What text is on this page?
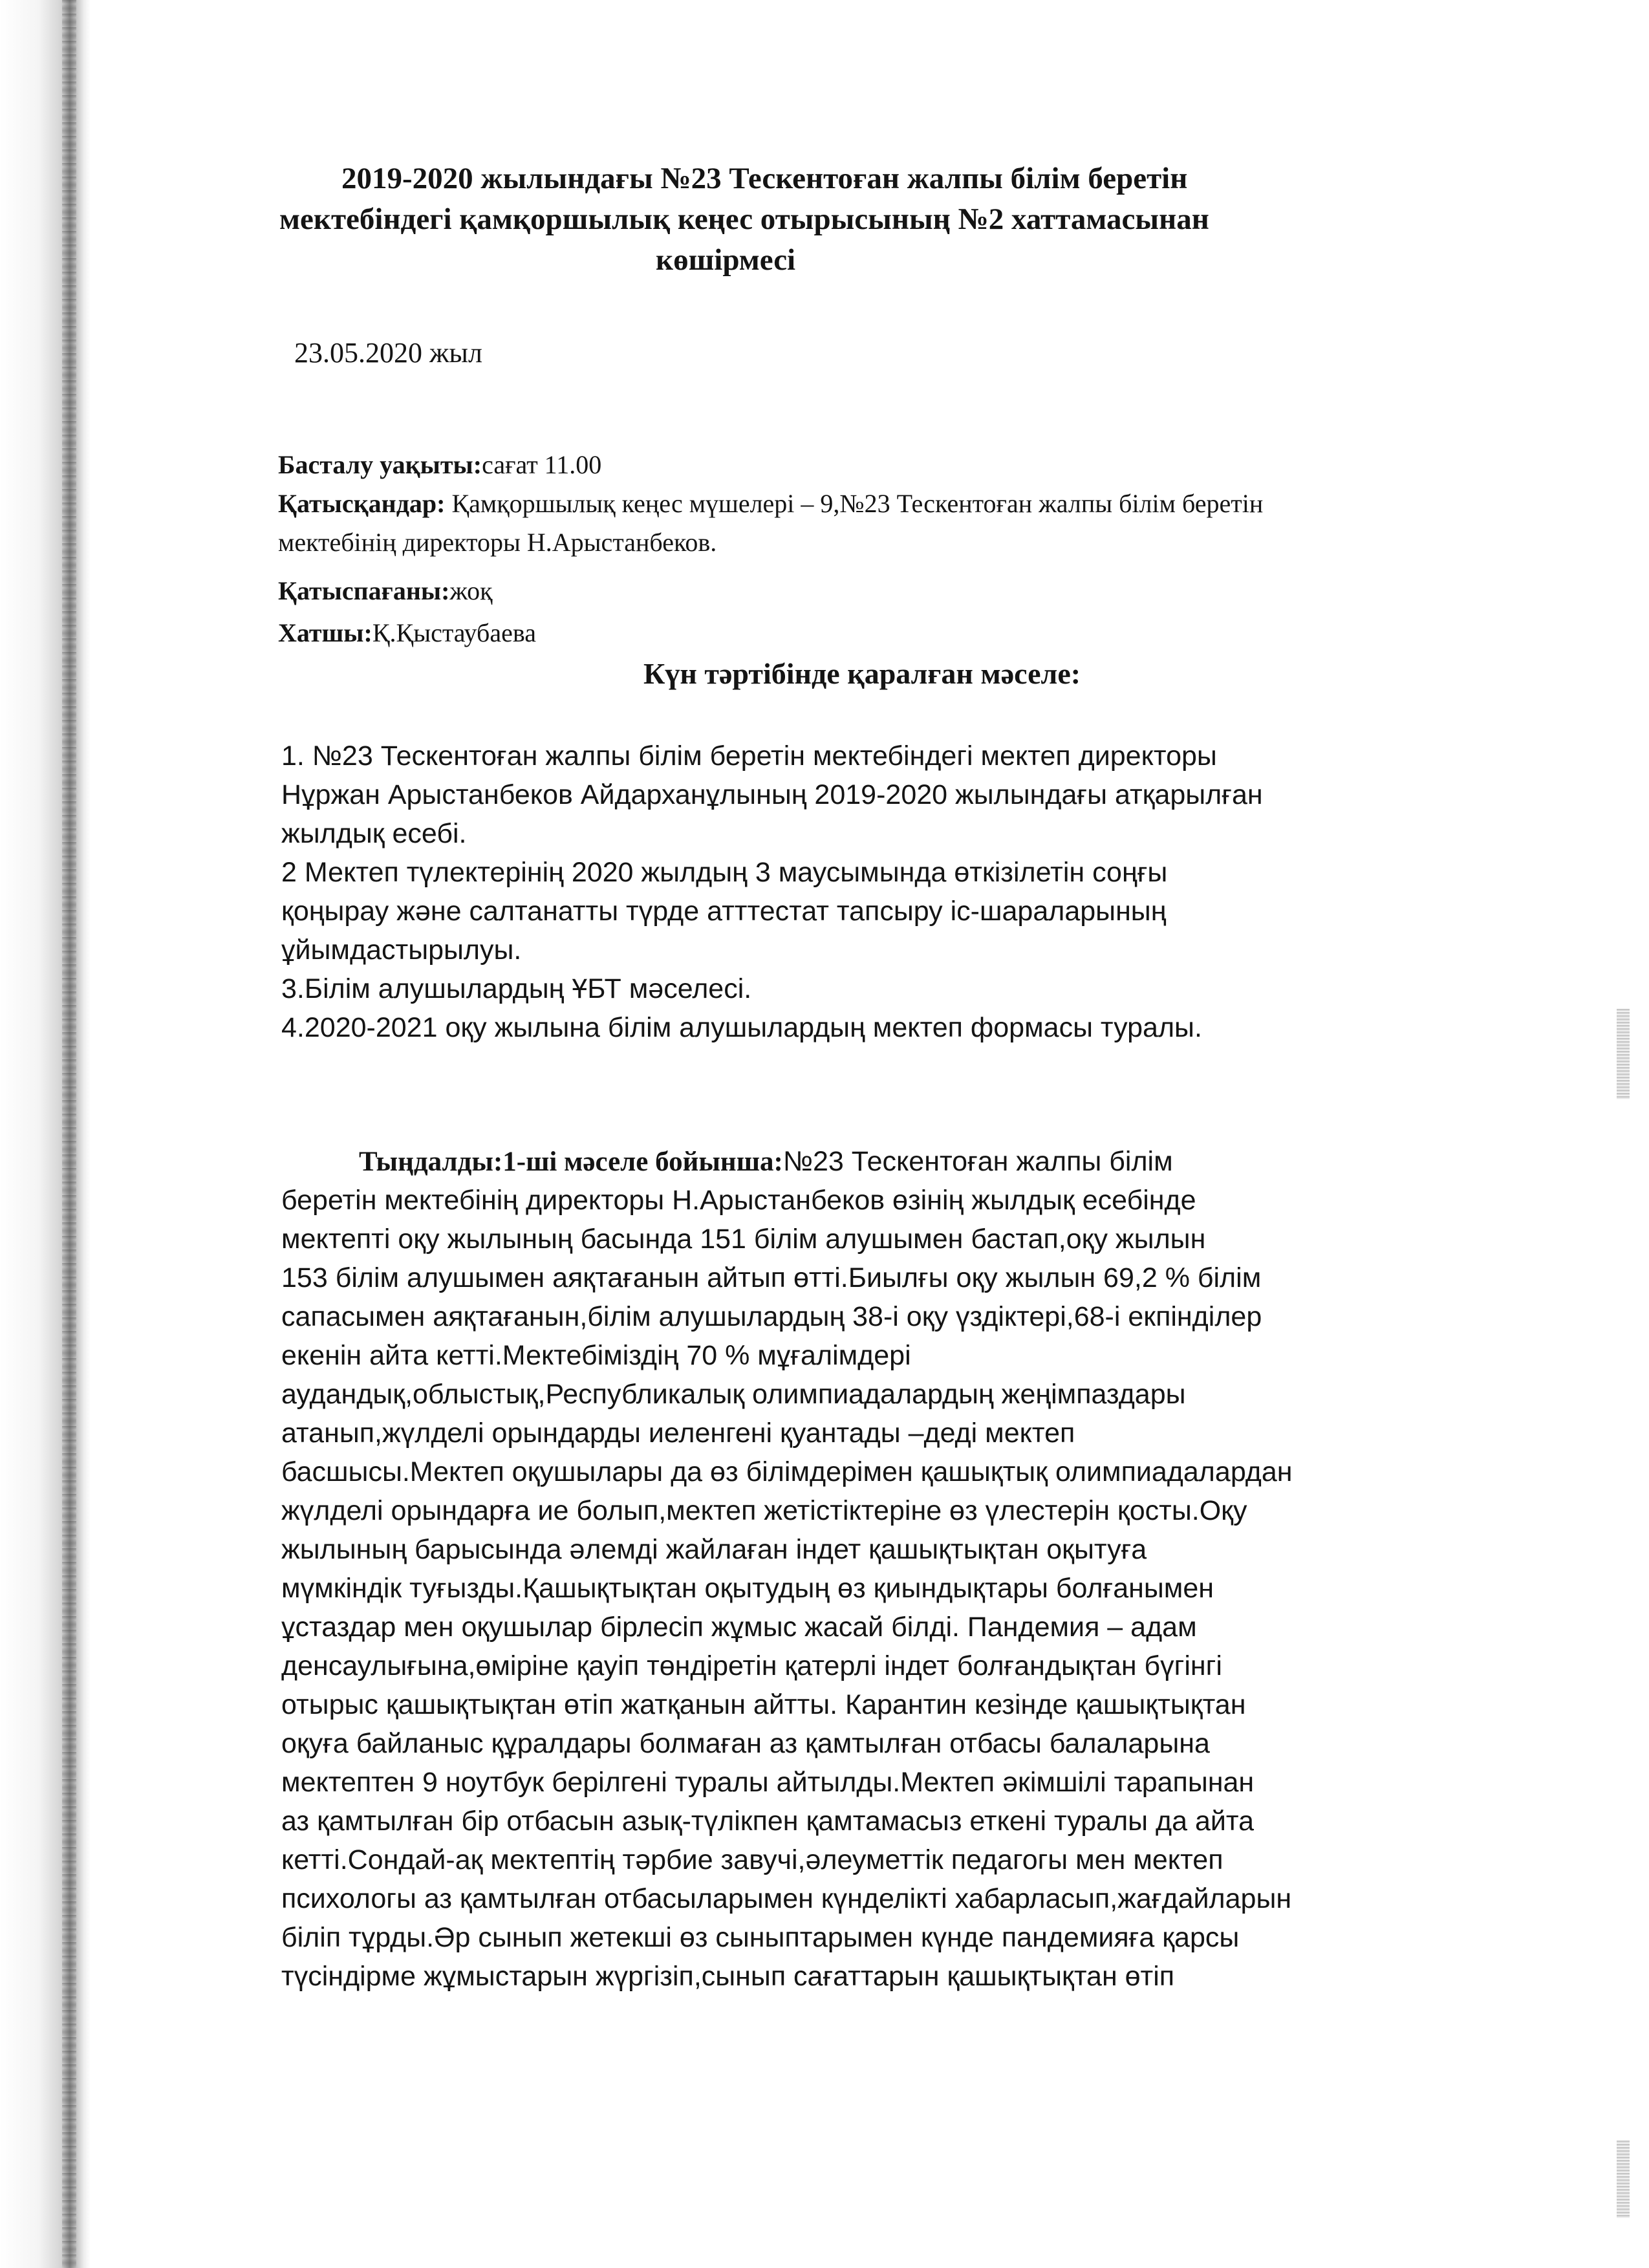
2019-2020 жылындағы №23 Тескентоған жалпы білім беретін
мектебіндегі қамқоршылық кеңес отырысының №2 хаттамасынан
көшірмесі
23.05.2020 жыл
Басталу уақыты:сағат 11.00
Қатысқандар: Қамқоршылық кеңес мүшелері – 9,№23 Тескентоған жалпы білім беретін
мектебінің директоры Н.Арыстанбеков.
Қатыспағаны:жоқ
Хатшы:Қ.Қыстаубаева
Күн тәртібінде қаралған мәселе:
1. №23 Тескентоған жалпы білім беретін мектебіндегі мектеп директоры
Нұржан Арыстанбеков Айдарханұлының 2019-2020 жылындағы атқарылған
жылдық есебі.
2 Мектеп түлектерінің 2020 жылдың 3 маусымында өткізілетін соңғы
қоңырау және салтанатты түрде атттестат тапсыру іс-шараларының
ұйымдастырылуы.
3.Білім алушылардың ҰБТ мәселесі.
4.2020-2021 оқу жылына білім алушылардың мектеп формасы туралы.
Тыңдалды:1-ші мәселе бойынша:№23 Тескентоған жалпы білім
беретін мектебінің директоры Н.Арыстанбеков өзінің жылдық есебінде
мектепті оқу жылының басында 151 білім алушымен бастап,оқу жылын
153 білім алушымен аяқтағанын айтып өтті.Биылғы оқу жылын 69,2 % білім
сапасымен аяқтағанын,білім алушылардың 38-і оқу үздіктері,68-і екпінділер
екенін айта кетті.Мектебіміздің 70 % мұғалімдері
аудандық,облыстық,Республикалық олимпиадалардың жеңімпаздары
атанып,жүлделі орындарды иеленгені қуантады –деді мектеп
басшысы.Мектеп оқушылары да өз білімдерімен қашықтық олимпиадалардан
жүлделі орындарға ие болып,мектеп жетістіктеріне өз үлестерін қосты.Оқу
жылының барысында әлемді жайлаған індет қашықтықтан оқытуға
мүмкіндік туғызды.Қашықтықтан оқытудың өз қиындықтары болғанымен
ұстаздар мен оқушылар бірлесіп жұмыс жасай білді. Пандемия – адам
денсаулығына,өміріне қауіп төндіретін қатерлі індет болғандықтан бүгінгі
отырыс қашықтықтан өтіп жатқанын айтты. Карантин кезінде қашықтықтан
оқуға байланыс құралдары болмаған аз қамтылған отбасы балаларына
мектептен 9 ноутбук берілгені туралы айтылды.Мектеп әкімшілі тарапынан
аз қамтылған бір отбасын азық-түлікпен қамтамасыз еткені туралы да айта
кетті.Сондай-ақ мектептің тәрбие завучі,әлеуметтік педагогы мен мектеп
психологы аз қамтылған отбасыларымен күнделікті хабарласып,жағдайларын
біліп тұрды.Әр сынып жетекші өз сыныптарымен күнде пандемияға қарсы
түсіндірме жұмыстарын жүргізіп,сынып сағаттарын қашықтықтан өтіп
